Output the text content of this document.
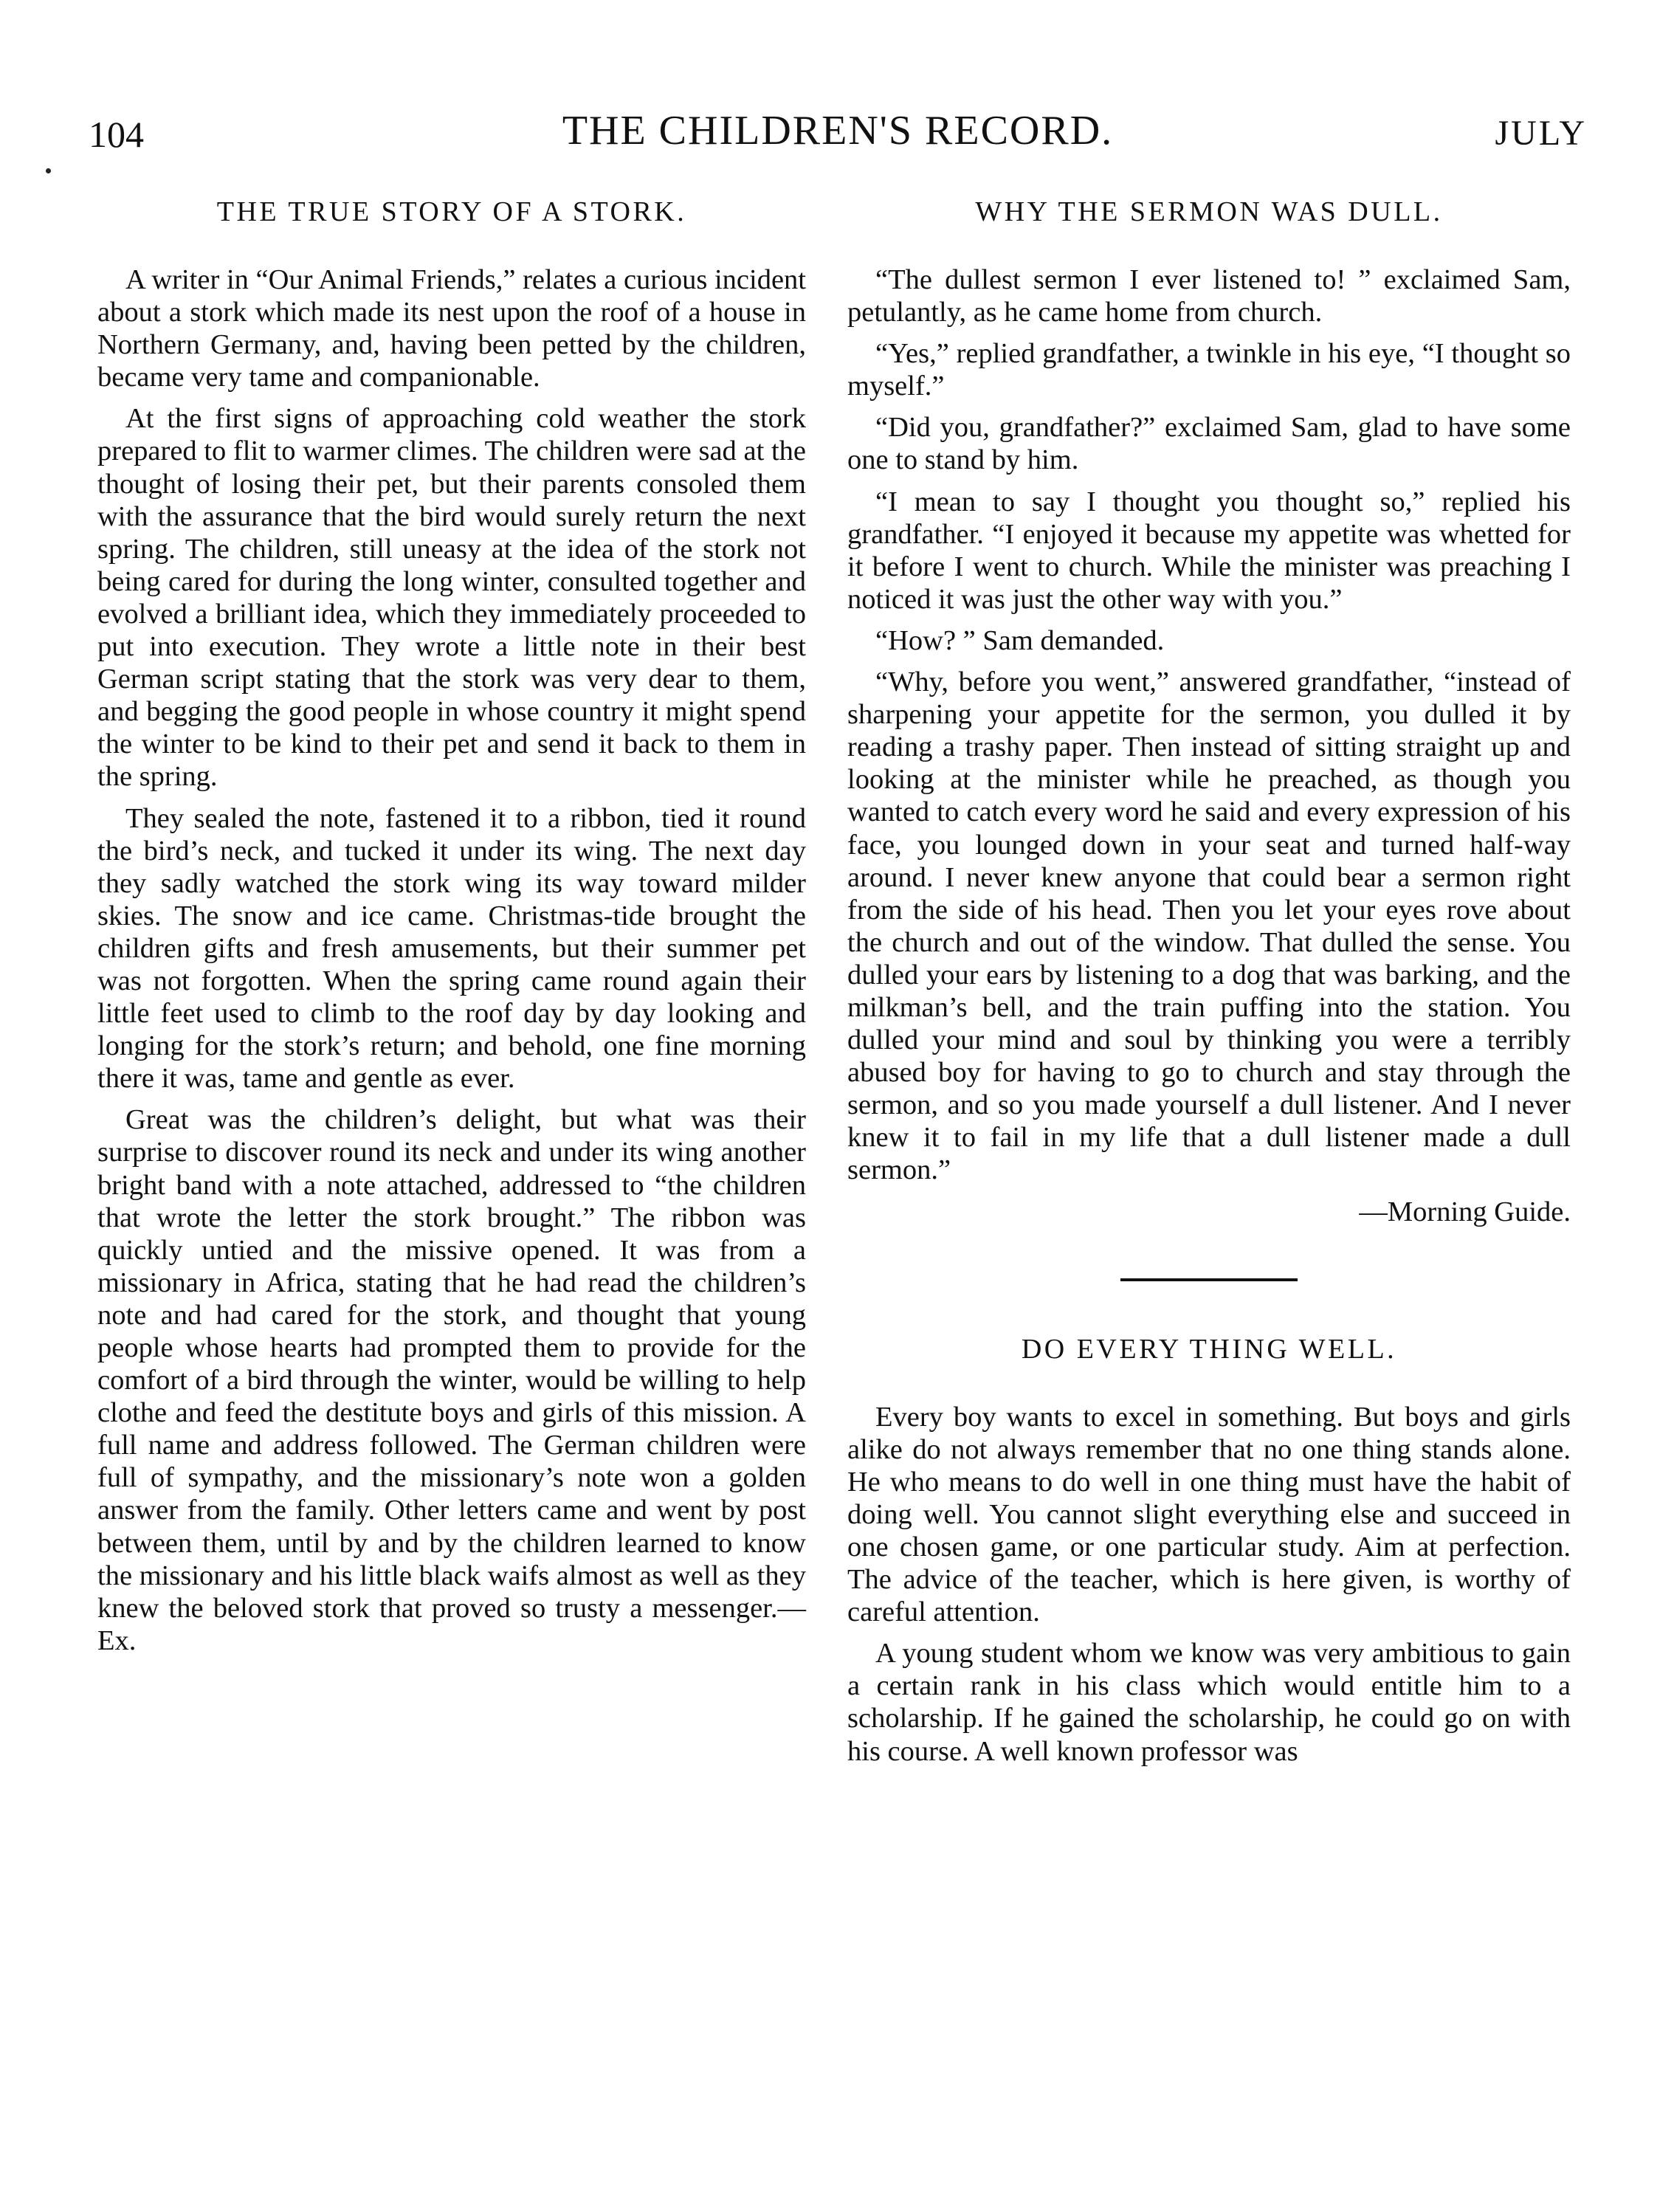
104	THE CHILDREN'S RECORD.	JULY
THE TRUE STORY OF A STORK.

A writer in “Our Animal Friends,” relates a curious incident about a stork which made its nest upon the roof of a house in Northern Germany, and, having been petted by the children, became very tame and companionable.

At the first signs of approaching cold weather the stork prepared to flit to warmer climes. The children were sad at the thought of losing their pet, but their parents consoled them with the assurance that the bird would surely return the next spring. The children, still uneasy at the idea of the stork not being cared for during the long winter, consulted together and evolved a brilliant idea, which they immediately proceeded to put into execution. They wrote a little note in their best German script stating that the stork was very dear to them, and begging the good people in whose country it might spend the winter to be kind to their pet and send it back to them in the spring.

They sealed the note, fastened it to a ribbon, tied it round the bird’s neck, and tucked it under its wing. The next day they sadly watched the stork wing its way toward milder skies. The snow and ice came. Christmas-tide brought the children gifts and fresh amusements, but their summer pet was not forgotten. When the spring came round again their little feet used to climb to the roof day by day looking and longing for the stork’s return; and behold, one fine morning there it was, tame and gentle as ever.

Great was the children’s delight, but what was their surprise to discover round its neck and under its wing another bright band with a note attached, addressed to “the children that wrote the letter the stork brought.” The ribbon was quickly untied and the missive opened. It was from a missionary in Africa, stating that he had read the children’s note and had cared for the stork, and thought that young people whose hearts had prompted them to provide for the comfort of a bird through the winter, would be willing to help clothe and feed the destitute boys and girls of this mission. A full name and address followed. The German children were full of sympathy, and the missionary’s note won a golden answer from the family. Other letters came and went by post between them, until by and by the children learned to know the missionary and his little black waifs almost as well as they knew the beloved stork that proved so trusty a messenger.—Ex.

WHY THE SERMON WAS DULL.

“The dullest sermon I ever listened to! ” exclaimed Sam, petulantly, as he came home from church.

“Yes,” replied grandfather, a twinkle in his eye, “I thought so myself.”

“Did you, grandfather?” exclaimed Sam, glad to have some one to stand by him.

“I mean to say I thought you thought so,” replied his grandfather. “I enjoyed it because my appetite was whetted for it before I went to church. While the minister was preaching I noticed it was just the other way with you.”

“How? ” Sam demanded.

“Why, before you went,” answered grandfather, “instead of sharpening your appetite for the sermon, you dulled it by reading a trashy paper. Then instead of sitting straight up and looking at the minister while he preached, as though you wanted to catch every word he said and every expression of his face, you lounged down in your seat and turned half-way around. I never knew anyone that could bear a sermon right from the side of his head. Then you let your eyes rove about the church and out of the window. That dulled the sense. You dulled your ears by listening to a dog that was barking, and the milkman’s bell, and the train puffing into the station. You dulled your mind and soul by thinking you were a terribly abused boy for having to go to church and stay through the sermon, and so you made yourself a dull listener. And I never knew it to fail in my life that a dull listener made a dull sermon.”

—Morning Guide.
DO EVERY THING WELL.

Every boy wants to excel in something. But boys and girls alike do not always remember that no one thing stands alone. He who means to do well in one thing must have the habit of doing well. You cannot slight everything else and succeed in one chosen game, or one particular study. Aim at perfection. The advice of the teacher, which is here given, is worthy of careful attention.

A young student whom we know was very ambitious to gain a certain rank in his class which would entitle him to a scholarship. If he gained the scholarship, he could go on with his course. A well known professor was
